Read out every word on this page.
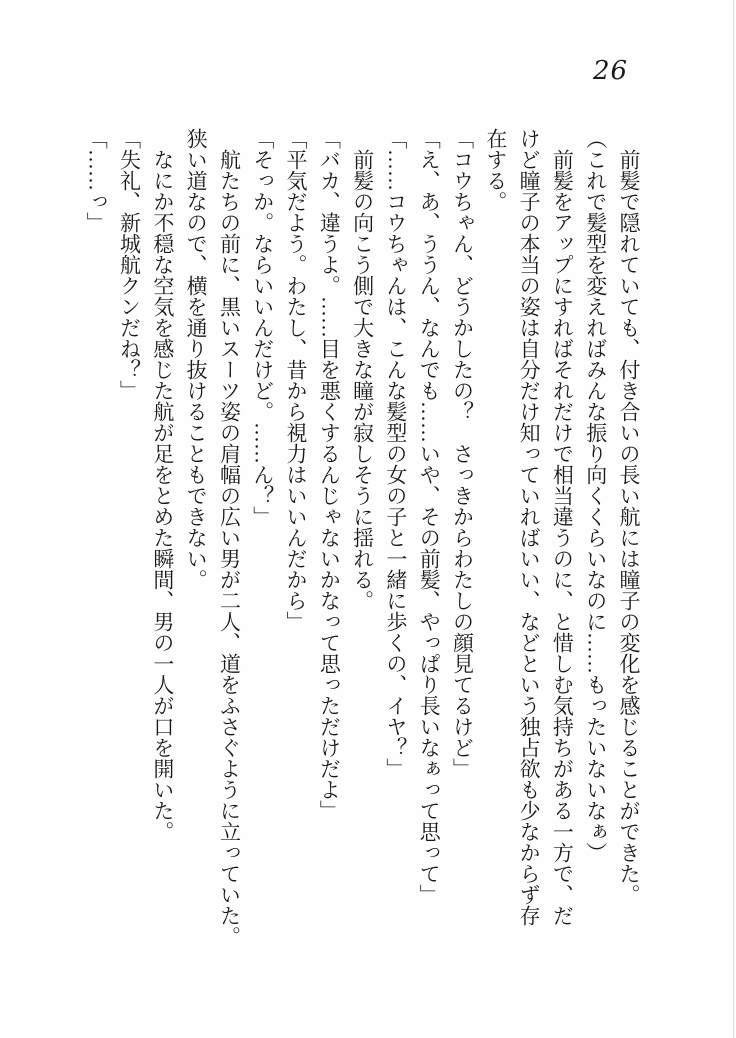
26
　前髪で隠れていても、付き合いの長い航には瞳子の変化を感じることができた。
（これで髪型を変えればみんな振り向くくらいなのに……もったいないなぁ）
　前髪をアップにすればそれだけで相当違うのに、と惜しむ気持ちがある一方で、だ
けど瞳子の本当の姿は自分だけ知っていればいい、などという独占欲も少なからず存
在する。
「コウちゃん、どうかしたの？　さっきからわたしの顔見てるけど」
「え、あ、ううん、なんでも……いや、その前髪、やっぱり長いなぁって思って」
「……コウちゃんは、こんな髪型の女の子と一緒に歩くの、イヤ？」
　前髪の向こう側で大きな瞳が寂しそうに揺れる。
「バカ、違うよ。……目を悪くするんじゃないかなって思っただけだよ」
「平気だよう。わたし、昔から視力はいいんだから」
「そっか。ならいいんだけど。……ん？」
　航たちの前に、黒いスーツ姿の肩幅の広い男が二人、道をふさぐように立っていた。
狭い道なので、横を通り抜けることもできない。
　なにか不穏な空気を感じた航が足をとめた瞬間、男の一人が口を開いた。
「失礼、新城航クンだね？」
「……っ」
